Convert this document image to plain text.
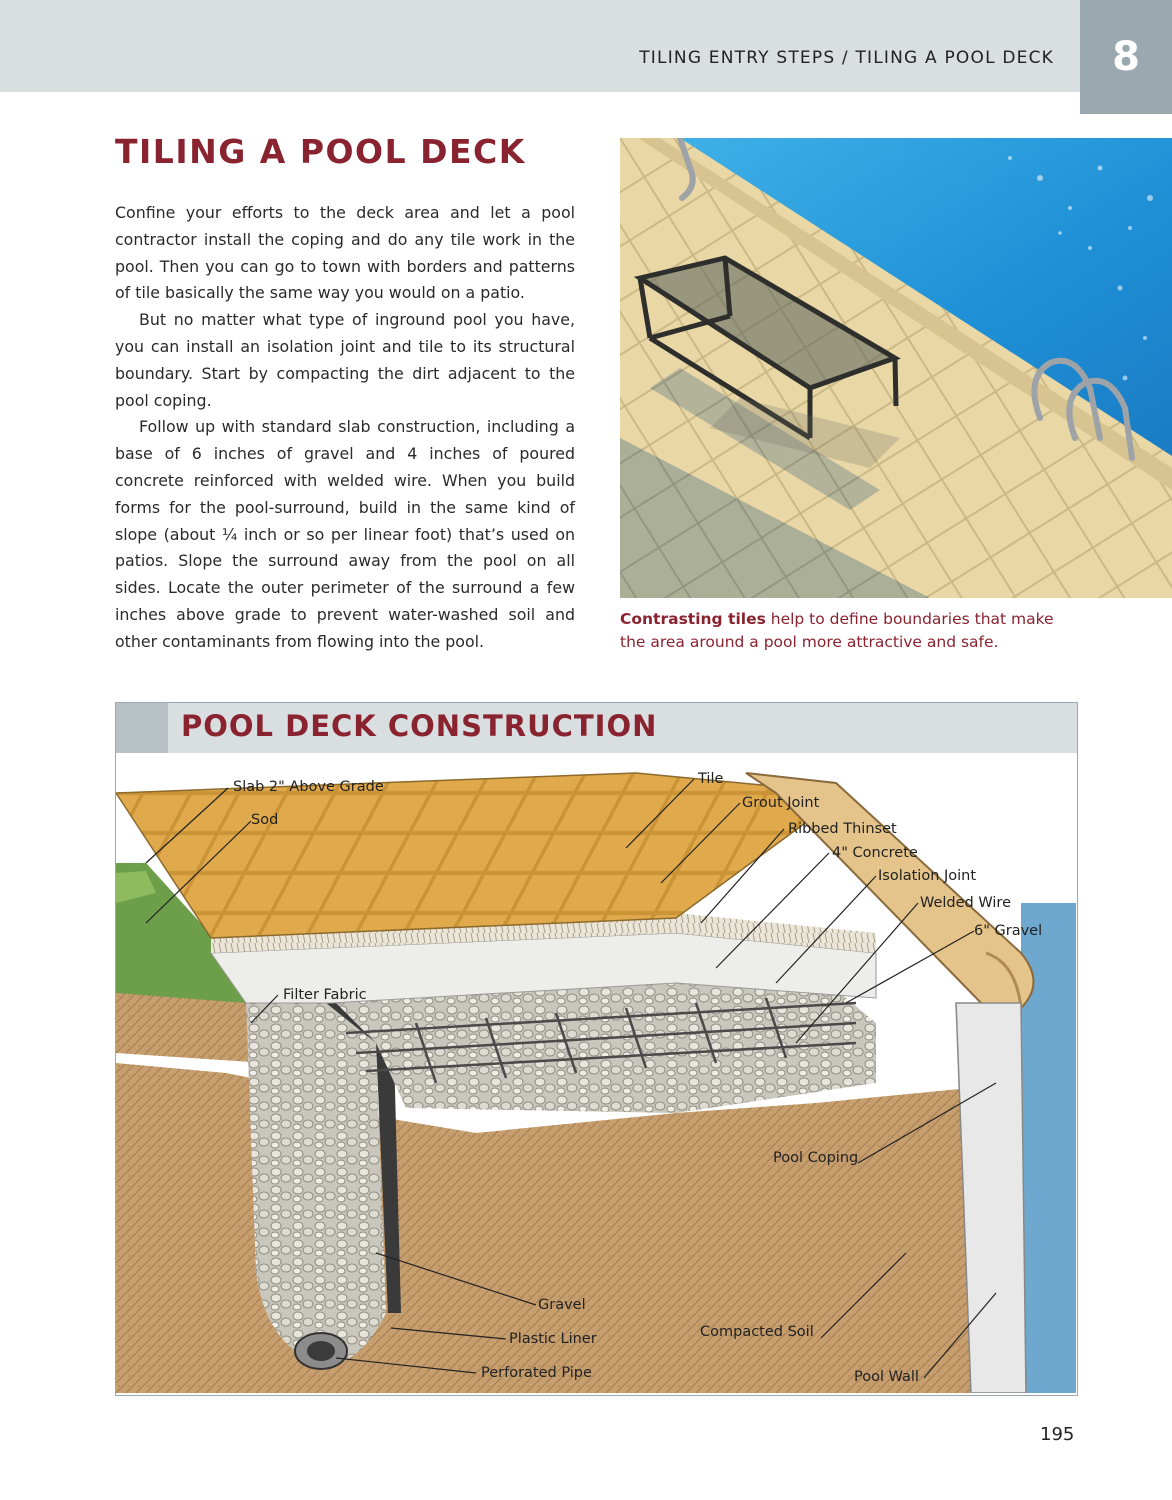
TILING ENTRY STEPS / TILING A POOL DECK 8
TILING A POOL DECK

Confine your efforts to the deck area and let a pool contractor install the coping and do any tile work in the pool. Then you can go to town with borders and patterns of tile basically the same way you would on a patio.

But no matter what type of inground pool you have, you can install an isolation joint and tile to its structural boundary. Start by compacting the dirt adjacent to the pool coping.

Follow up with standard slab construction, including a base of 6 inches of gravel and 4 inches of poured concrete reinforced with welded wire. When you build forms for the pool-surround, build in the same kind of slope (about ¼ inch or so per linear foot) that’s used on patios. Slope the surround away from the pool on all sides. Locate the outer perimeter of the surround a few inches above grade to prevent water-washed soil and other contaminants from flowing into the pool.

Contrasting tiles help to define boundaries that make the area around a pool more attractive and safe.
POOL DECK CONSTRUCTION
Slab 2" Above Grade
Sod
Tile
Grout Joint
Ribbed Thinset
4" Concrete
Isolation Joint
Welded Wire
6" Gravel
Filter Fabric
Pool Coping
Gravel
Plastic Liner
Perforated Pipe
Compacted Soil
Pool Wall
195
